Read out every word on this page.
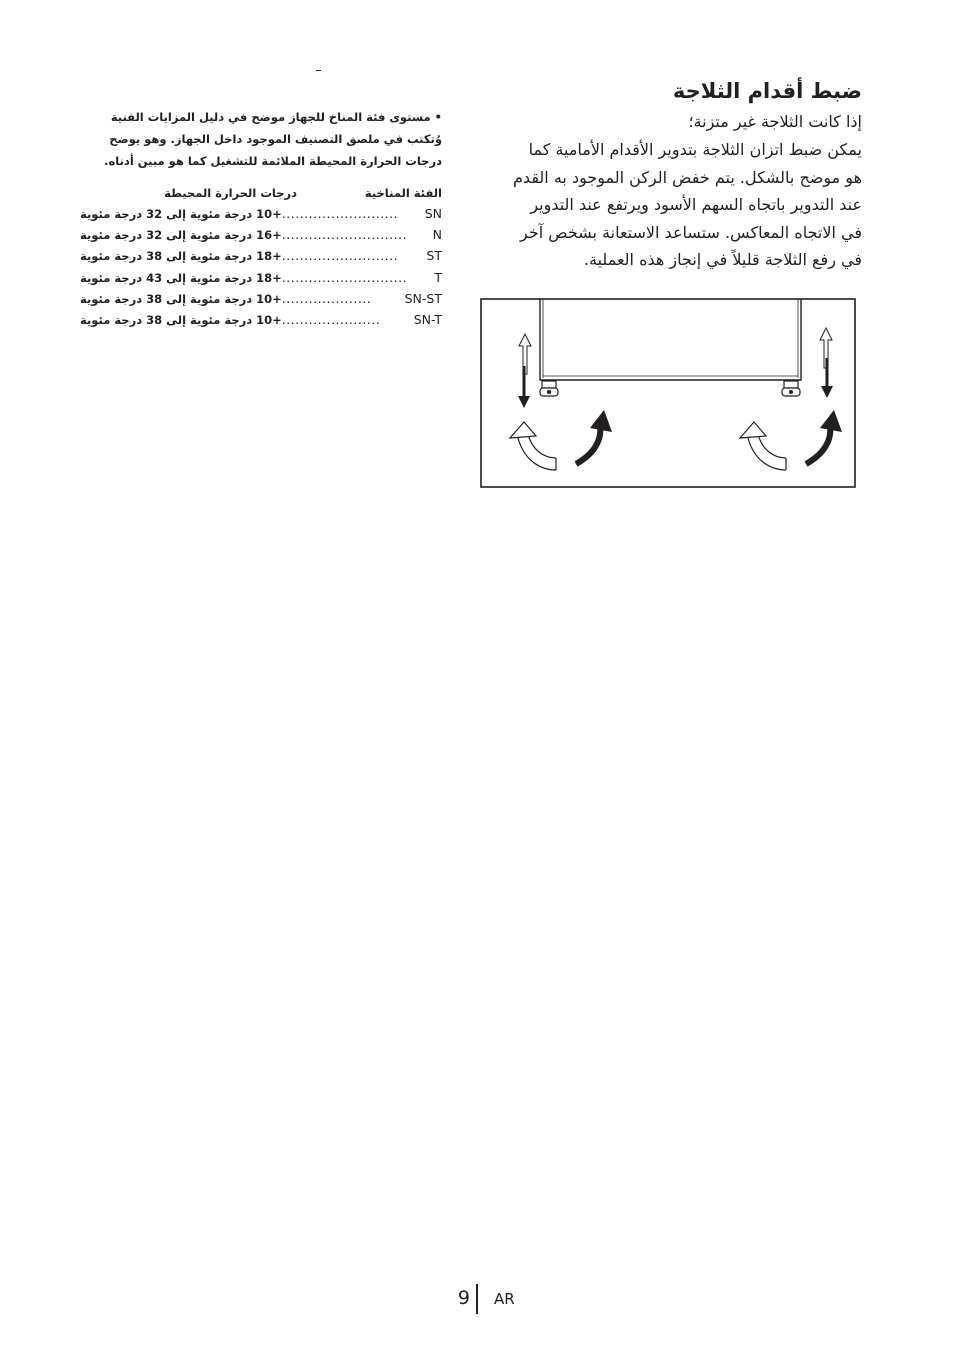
ضبط أقدام الثلاجة
إذا كانت الثلاجة غير متزنة؛

يمكن ضبط اتزان الثلاجة بتدوير الأقدام الأمامية كما

هو موضح بالشكل. يتم خفض الركن الموجود به القدم

عند التدوير باتجاه السهم الأسود ويرتفع عند التدوير

في الاتجاه المعاكس. ستساعد الاستعانة بشخص آخر

في رفع الثلاجة قليلاً في إنجاز هذه العملية.

• مستوى فئة المناخ للجهاز موضح في دليل المزايات الفنية

وُتكتب في ملصق التصنيف الموجود داخل الجهاز. وهو يوضح

درجات الحرارة المحيطة الملائمة للتشغيل كما هو مبين أدناه.

الفئة المناخية
درجات الحرارة المحيطة
SN
..........................
+10 درجة مئوية إلى 32 درجة مئوية
N
............................
+16 درجة مئوية إلى 32 درجة مئوية
ST
..........................
+18 درجة مئوية إلى 38 درجة مئوية
T
............................
+18 درجة مئوية إلى 43 درجة مئوية
SN-ST
....................
+10 درجة مئوية إلى 38 درجة مئوية
SN-T
......................
+10 درجة مئوية إلى 38 درجة مئوية
9 AR
